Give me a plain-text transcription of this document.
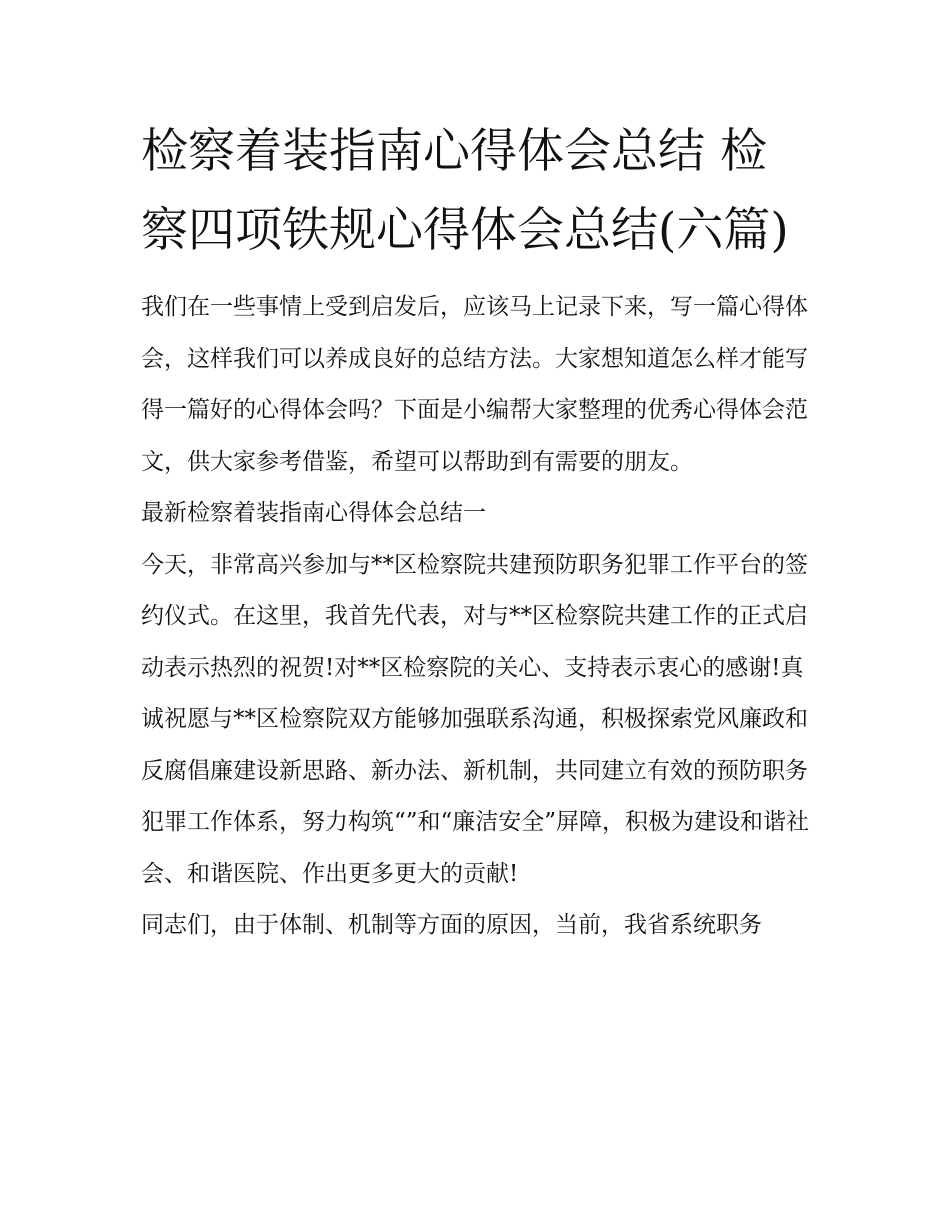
检察着装指南心得体会总结 检察四项铁规心得体会总结(六篇)

我们在一些事情上受到启发后，应该马上记录下来，写一篇心得体会，这样我们可以养成良好的总结方法。大家想知道怎么样才能写得一篇好的心得体会吗？下面是小编帮大家整理的优秀心得体会范文，供大家参考借鉴，希望可以帮助到有需要的朋友。

最新检察着装指南心得体会总结一

今天，非常高兴参加与**区检察院共建预防职务犯罪工作平台的签约仪式。在这里，我首先代表，对与**区检察院共建工作的正式启动表示热烈的祝贺!对**区检察院的关心、支持表示衷心的感谢!真诚祝愿与**区检察院双方能够加强联系沟通，积极探索党风廉政和反腐倡廉建设新思路、新办法、新机制，共同建立有效的预防职务犯罪工作体系，努力构筑“”和“廉洁安全”屏障，积极为建设和谐社会、和谐医院、作出更多更大的贡献!

同志们，由于体制、机制等方面的原因，当前，我省系统职务
